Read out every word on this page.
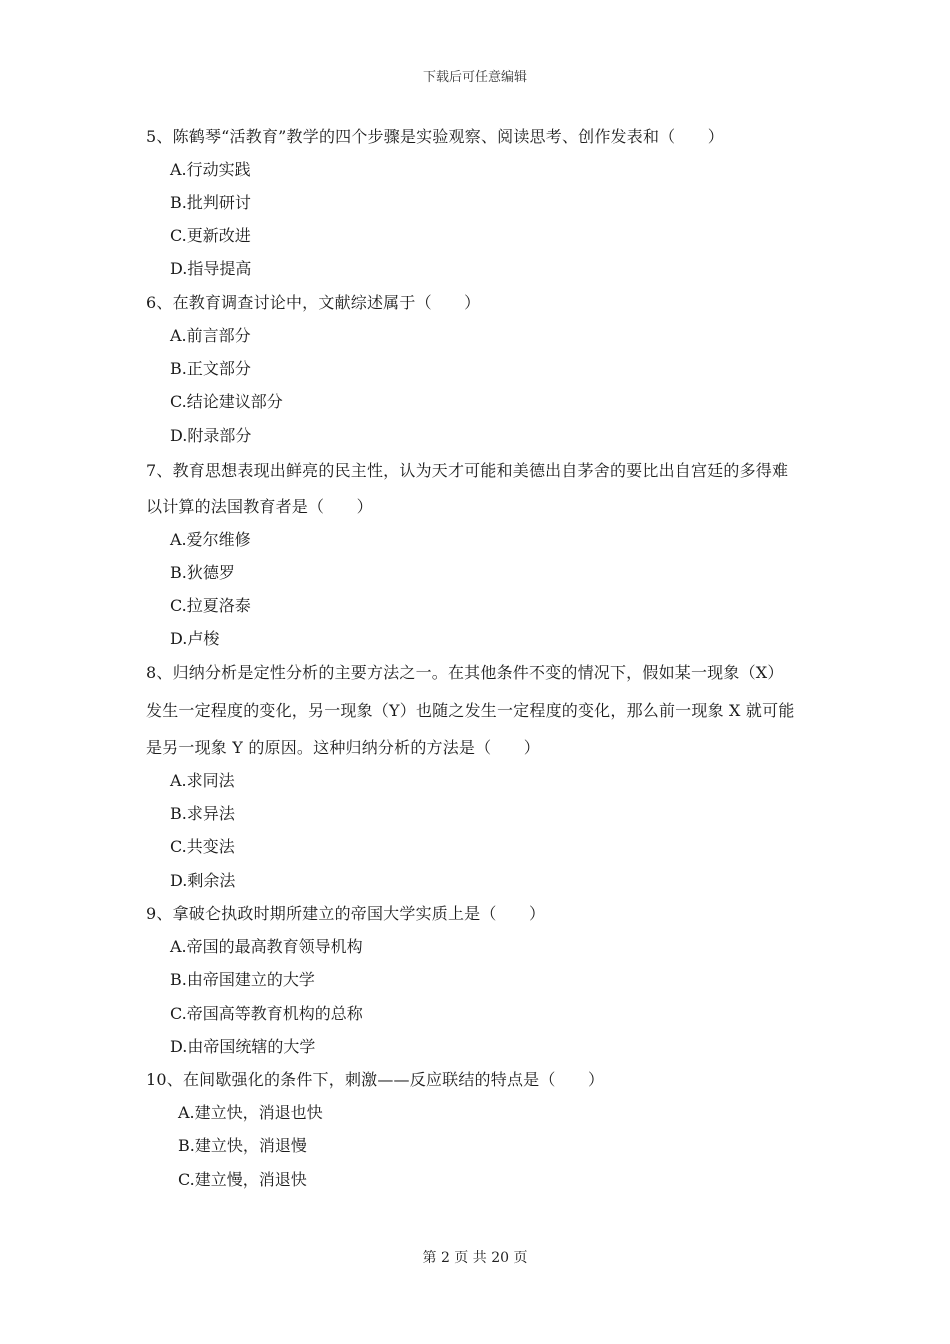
下载后可任意编辑
5、陈鹤琴“活教育”教学的四个步骤是实验观察、阅读思考、创作发表和（　　）
A.行动实践
B.批判研讨
C.更新改进
D.指导提高
6、在教育调查讨论中，文献综述属于（　　）
A.前言部分
B.正文部分
C.结论建议部分
D.附录部分
7、教育思想表现出鲜亮的民主性，认为天才可能和美德出自茅舍的要比出自宫廷的多得难
以计算的法国教育者是（　　）
A.爱尔维修
B.狄德罗
C.拉夏洛泰
D.卢梭
8、归纳分析是定性分析的主要方法之一。在其他条件不变的情况下，假如某一现象（X）
发生一定程度的变化，另一现象（Y）也随之发生一定程度的变化，那么前一现象 X 就可能
是另一现象 Y 的原因。这种归纳分析的方法是（　　）
A.求同法
B.求异法
C.共变法
D.剩余法
9、拿破仑执政时期所建立的帝国大学实质上是（　　）
A.帝国的最高教育领导机构
B.由帝国建立的大学
C.帝国高等教育机构的总称
D.由帝国统辖的大学
10、在间歇强化的条件下，刺激——反应联结的特点是（　　）
A.建立快，消退也快
B.建立快，消退慢
C.建立慢，消退快
第 2 页 共 20 页
